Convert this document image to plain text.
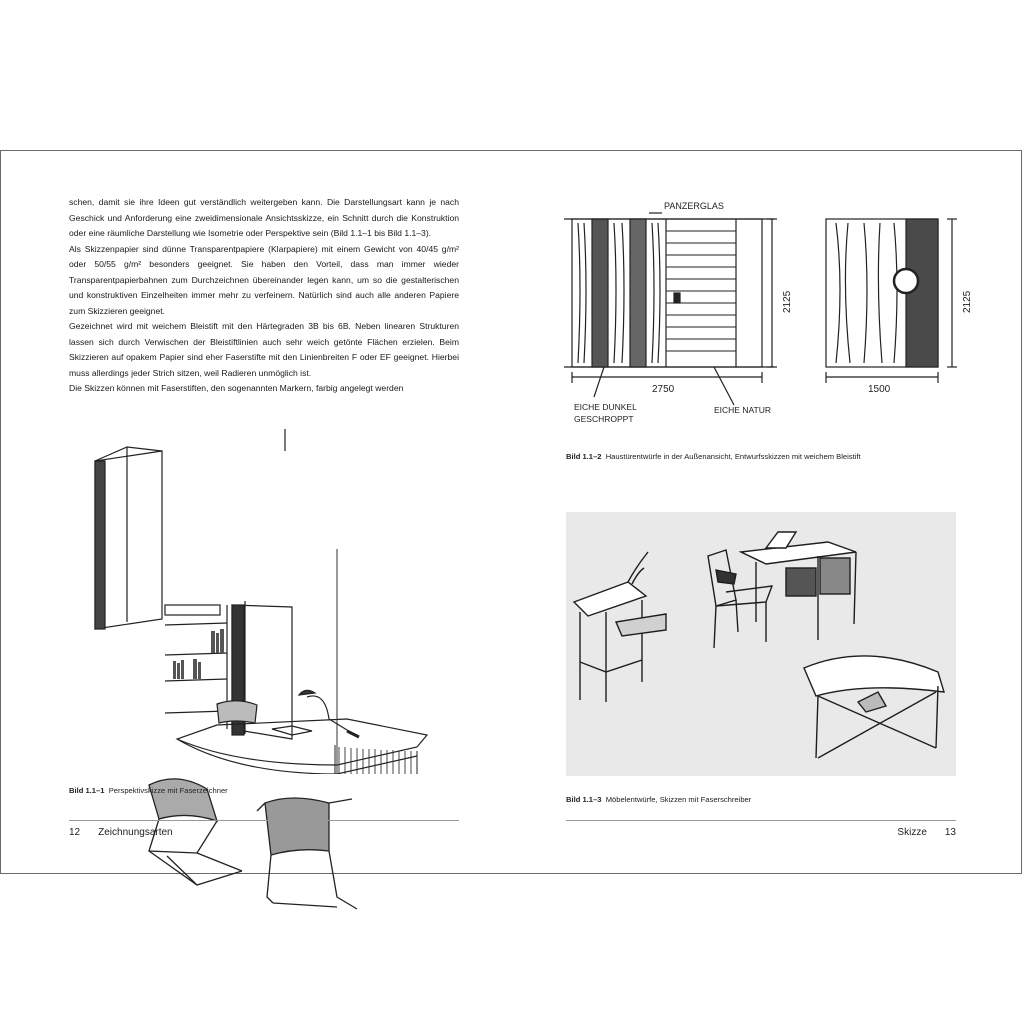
schen, damit sie ihre Ideen gut verständlich weitergeben kann. Die Darstellungsart kann je nach Geschick und Anforderung eine zweidimensionale Ansichtsskizze, ein Schnitt durch die Konstruktion oder eine räumliche Darstellung wie Isometrie oder Perspektive sein (Bild 1.1–1 bis Bild 1.1–3).

Als Skizzenpapier sind dünne Transparentpapiere (Klarpapiere) mit einem Gewicht von 40/45 g/m² oder 50/55 g/m² besonders geeignet. Sie haben den Vorteil, dass man immer wieder Transparentpapierbahnen zum Durchzeichnen übereinander legen kann, um so die gestalterischen und konstruktiven Einzelheiten immer mehr zu verfeinern. Natürlich sind auch alle anderen Papiere zum Skizzieren geeignet.

Gezeichnet wird mit weichem Bleistift mit den Härtegraden 3B bis 6B. Neben linearen Strukturen lassen sich durch Verwischen der Bleistiftlinien auch sehr weich getönte Flächen erzielen. Beim Skizzieren auf opakem Papier sind eher Faserstifte mit den Linienbreiten F oder EF geeignet. Hierbei muss allerdings jeder Strich sitzen, weil Radieren unmöglich ist.

Die Skizzen können mit Faserstiften, den sogenannten Markern, farbig angelegt werden

Bild 1.1–1 Perspektivskizze mit Faserzeichner
12 Zeichnungsarten
PANZERGLAS
2125
2750
2125
1500
EICHE DUNKEL
GESCHROPPT
EICHE NATUR
Bild 1.1–2 Haustürentwürfe in der Außenansicht, Entwurfsskizzen mit weichem Bleistift
Bild 1.1–3 Möbelentwürfe, Skizzen mit Faserschreiber
Skizze 13
